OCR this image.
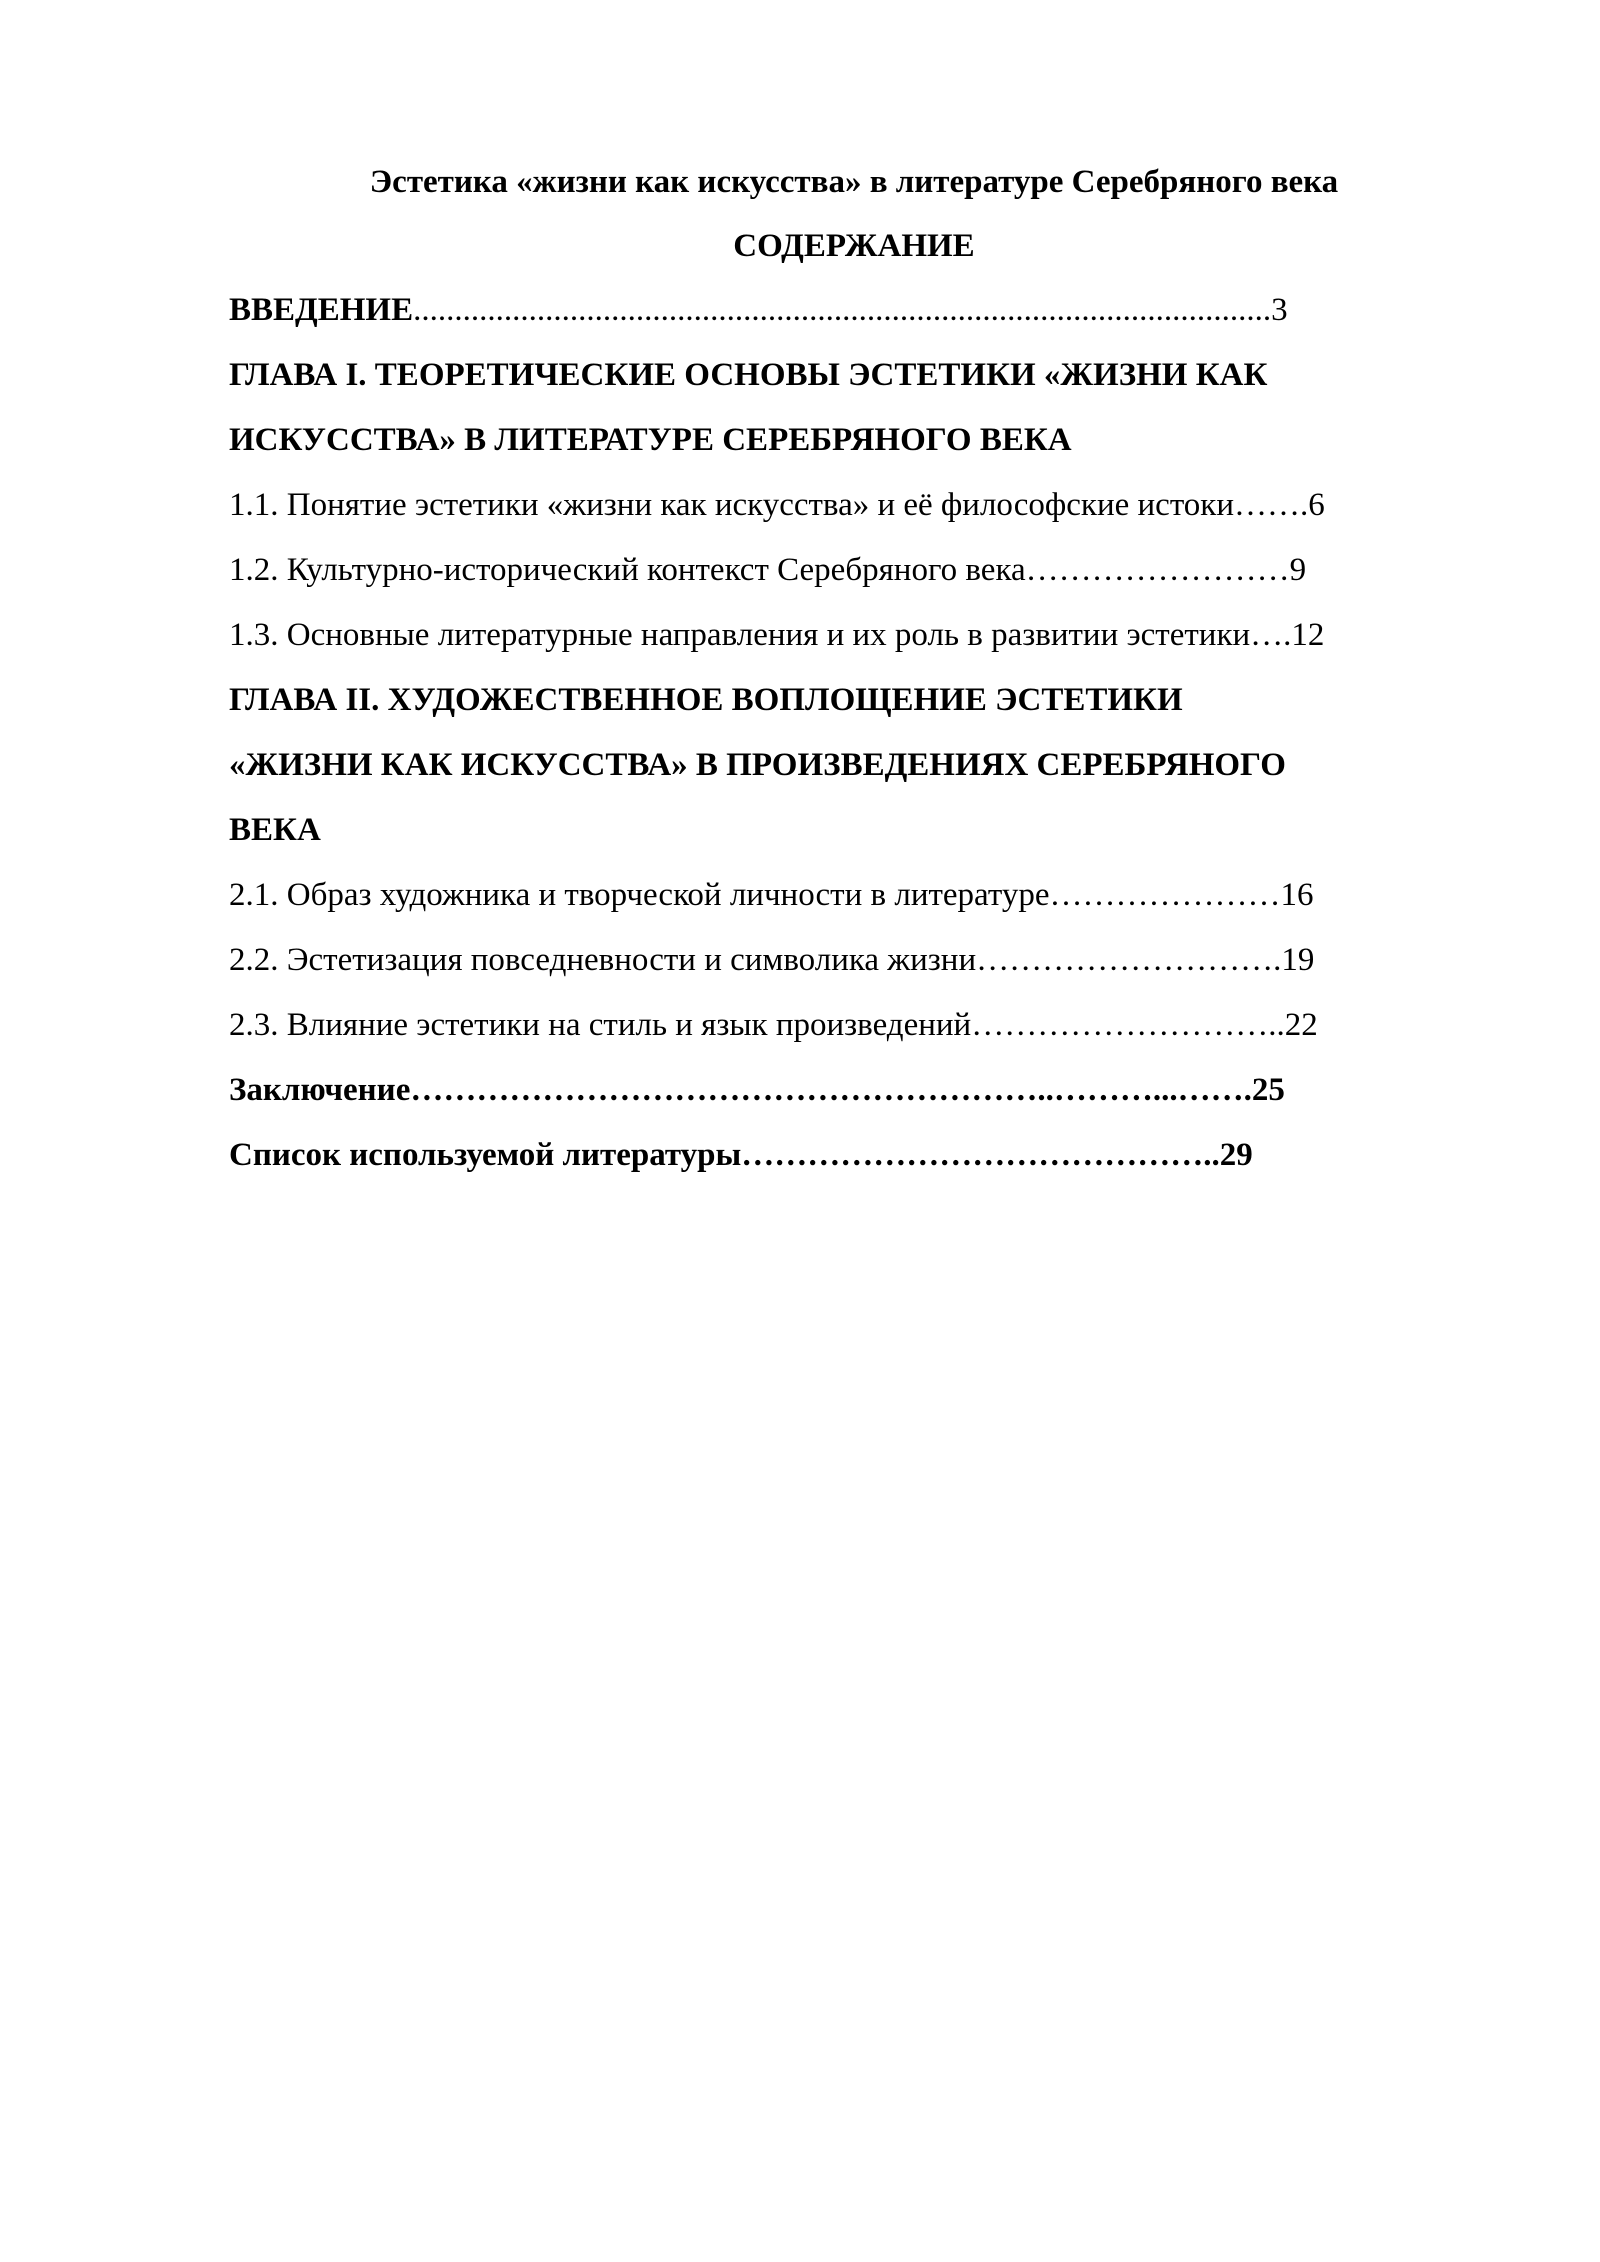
Эстетика «жизни как искусства» в литературе Серебряного века
СОДЕРЖАНИЕ
ВВЕДЕНИЕ........................................................................................................3
ГЛАВА I. ТЕОРЕТИЧЕСКИЕ ОСНОВЫ ЭСТЕТИКИ «ЖИЗНИ КАК
ИСКУССТВА» В ЛИТЕРАТУРЕ СЕРЕБРЯНОГО ВЕКА
1.1. Понятие эстетики «жизни как искусства» и её философские истоки…….6
1.2. Культурно-исторический контекст Серебряного века……………………9
1.3. Основные литературные направления и их роль в развитии эстетики….12
ГЛАВА II. ХУДОЖЕСТВЕННОЕ ВОПЛОЩЕНИЕ ЭСТЕТИКИ
«ЖИЗНИ КАК ИСКУССТВА» В ПРОИЗВЕДЕНИЯХ СЕРЕБРЯНОГО
ВЕКА
2.1. Образ художника и творческой личности в литературе…………………16
2.2. Эстетизация повседневности и символика жизни……………………….19
2.3. Влияние эстетики на стиль и язык произведений………………………..22
Заключение…………………………………………………..………...…….25
Список используемой литературы……………………………………..29
